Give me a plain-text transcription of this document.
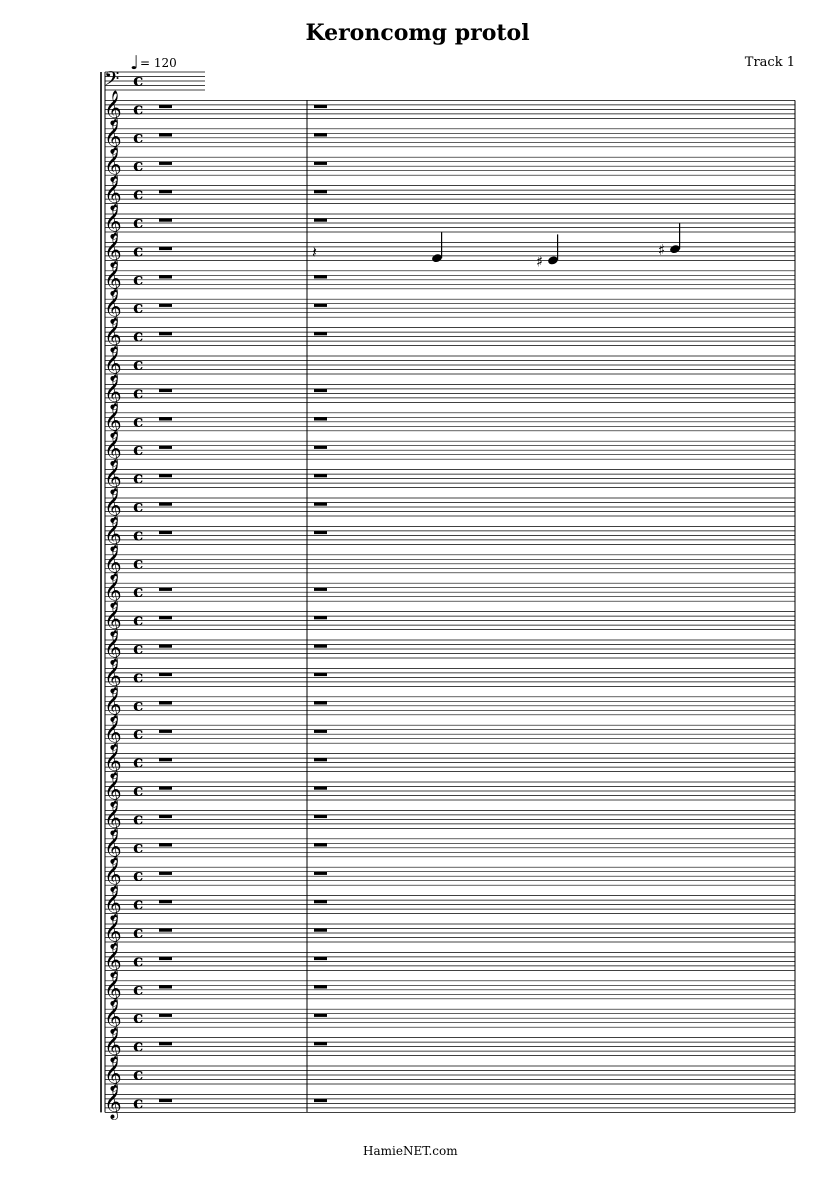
Keroncomg protol
Track 1
♩= 120
𝄢 c
𝄞 c
𝄞 c
𝄞 c
𝄞 c
𝄞 c
𝄞 c
𝄞 c
𝄞 c
𝄞 c
𝄞 c
𝄞 c
𝄞 c
𝄞 c
𝄞 c
𝄞 c
𝄞 c
𝄞 c
𝄞 c
𝄞 c
𝄞 c
𝄞 c
𝄞 c
𝄞 c
𝄞 c
𝄞 c
𝄞 c
𝄞 c
𝄞 c
𝄞 c
𝄞 c
𝄞 c
𝄞 c
𝄞 c
𝄞 c
𝄞 c
𝄞 c
𝄽	♯
♯
HamieNET.com
